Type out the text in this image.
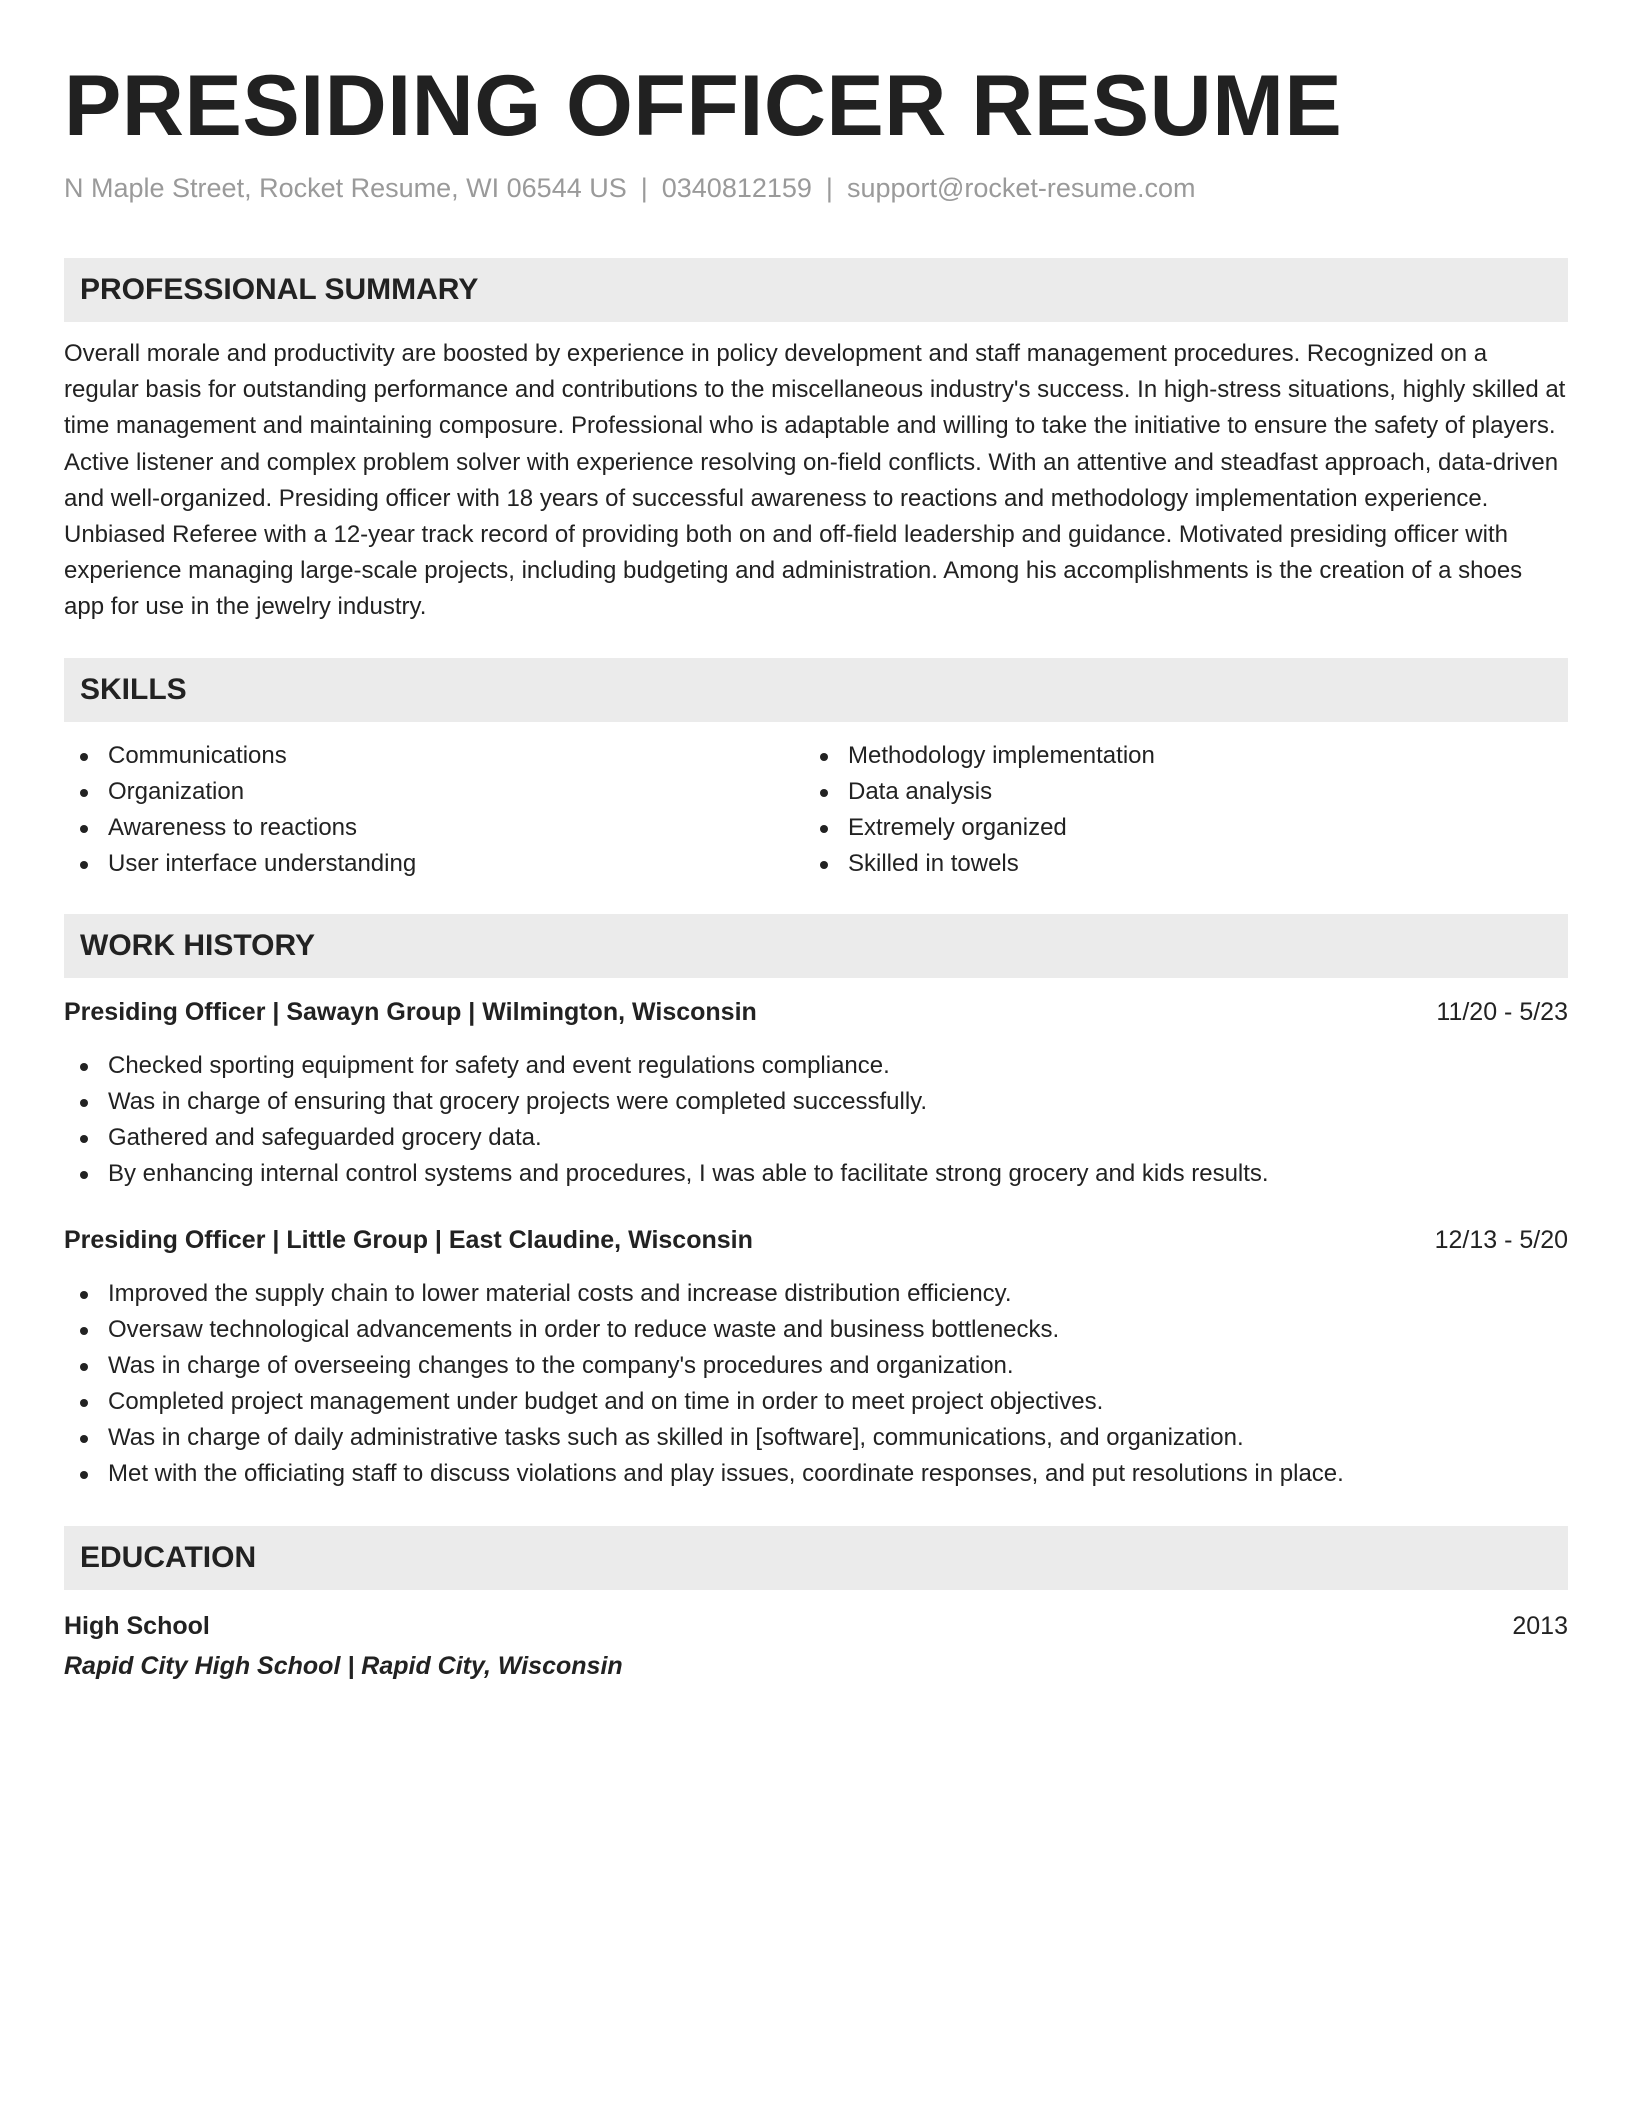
PRESIDING OFFICER RESUME
N Maple Street, Rocket Resume, WI 06544 US | 0340812159 | support@rocket-resume.com
PROFESSIONAL SUMMARY
Overall morale and productivity are boosted by experience in policy development and staff management procedures. Recognized on a regular basis for outstanding performance and contributions to the miscellaneous industry's success. In high-stress situations, highly skilled at time management and maintaining composure. Professional who is adaptable and willing to take the initiative to ensure the safety of players. Active listener and complex problem solver with experience resolving on-field conflicts. With an attentive and steadfast approach, data-driven and well-organized. Presiding officer with 18 years of successful awareness to reactions and methodology implementation experience. Unbiased Referee with a 12-year track record of providing both on and off-field leadership and guidance. Motivated presiding officer with experience managing large-scale projects, including budgeting and administration. Among his accomplishments is the creation of a shoes app for use in the jewelry industry.
SKILLS
Communications
Organization
Awareness to reactions
User interface understanding
Methodology implementation
Data analysis
Extremely organized
Skilled in towels
WORK HISTORY
Presiding Officer | Sawayn Group | Wilmington, Wisconsin	11/20 - 5/23
Checked sporting equipment for safety and event regulations compliance.
Was in charge of ensuring that grocery projects were completed successfully.
Gathered and safeguarded grocery data.
By enhancing internal control systems and procedures, I was able to facilitate strong grocery and kids results.
Presiding Officer | Little Group | East Claudine, Wisconsin	12/13 - 5/20
Improved the supply chain to lower material costs and increase distribution efficiency.
Oversaw technological advancements in order to reduce waste and business bottlenecks.
Was in charge of overseeing changes to the company's procedures and organization.
Completed project management under budget and on time in order to meet project objectives.
Was in charge of daily administrative tasks such as skilled in [software], communications, and organization.
Met with the officiating staff to discuss violations and play issues, coordinate responses, and put resolutions in place.
EDUCATION
High School	2013
Rapid City High School | Rapid City, Wisconsin
